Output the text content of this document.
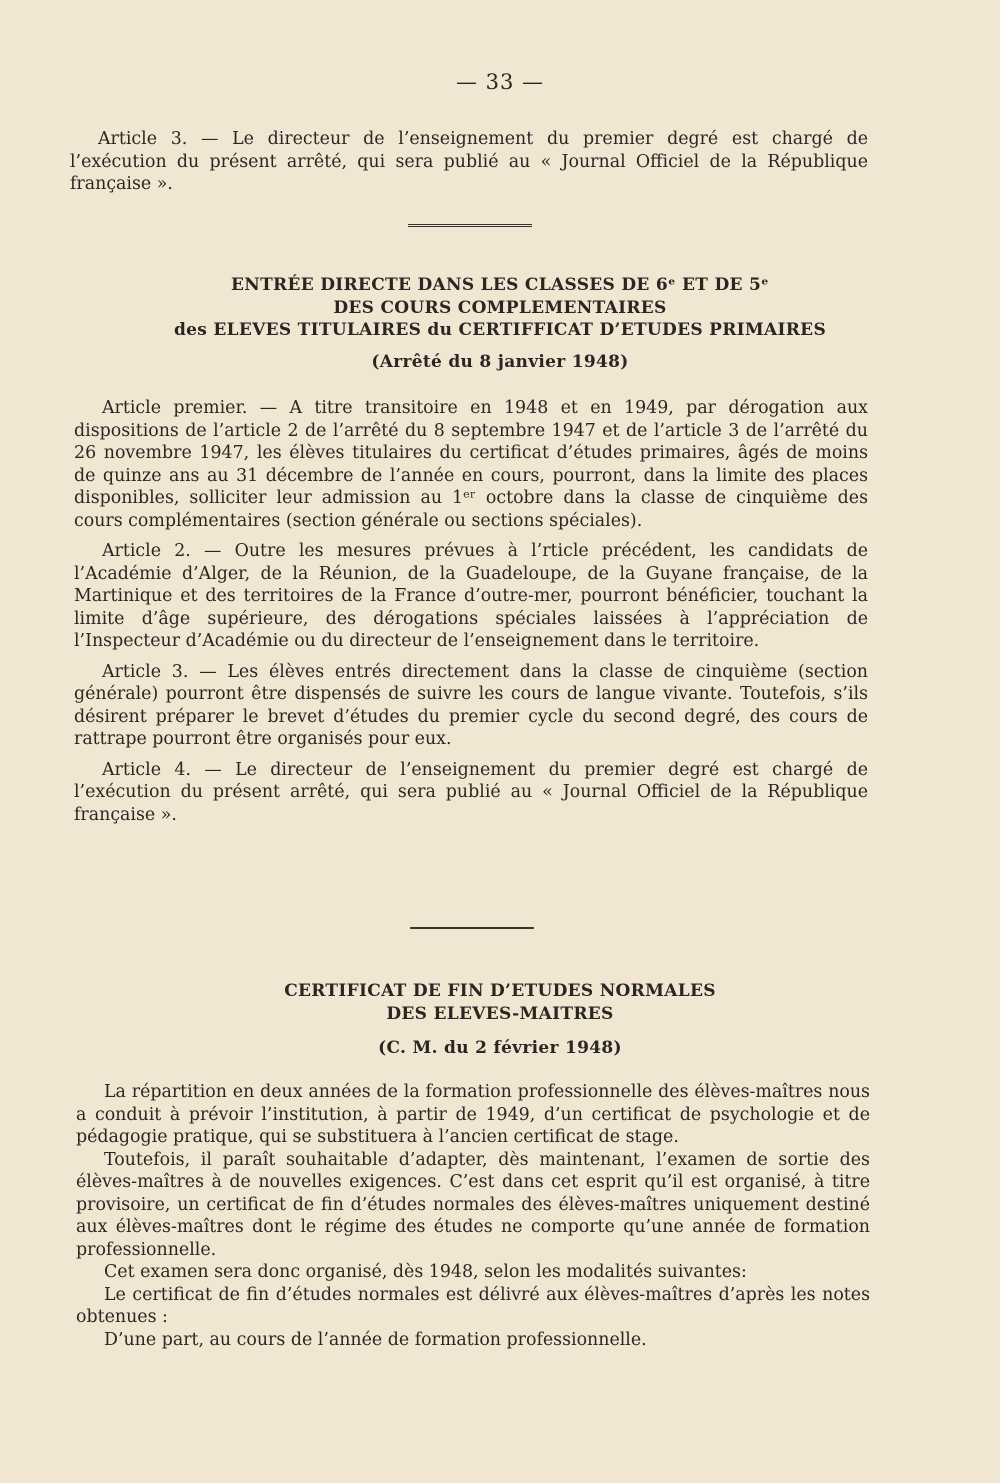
— 33 —

Article 3. — Le directeur de l’enseignement du premier degré est chargé de l’exécution du présent arrêté, qui sera publié au « Journal Officiel de la République française ».

ENTRÉE DIRECTE DANS LES CLASSES DE 6ᵉ ET DE 5ᵉ
DES COURS COMPLEMENTAIRES
des ELEVES TITULAIRES du CERTIFFICAT D’ETUDES PRIMAIRES
(Arrêté du 8 janvier 1948)

Article premier. — A titre transitoire en 1948 et en 1949, par dérogation aux dispositions de l’article 2 de l’arrêté du 8 septembre 1947 et de l’article 3 de l’arrêté du 26 novembre 1947, les élèves titulaires du certificat d’études primaires, âgés de moins de quinze ans au 31 décembre de l’année en cours, pourront, dans la limite des places disponibles, solliciter leur admission au 1ᵉʳ octobre dans la classe de cinquième des cours complémentaires (section générale ou sections spéciales).

Article 2. — Outre les mesures prévues à l’rticle précédent, les candidats de l’Académie d’Alger, de la Réunion, de la Guadeloupe, de la Guyane française, de la Martinique et des territoires de la France d’outre-mer, pourront bénéficier, touchant la limite d’âge supérieure, des dérogations spéciales laissées à l’appréciation de l’Inspecteur d’Académie ou du directeur de l’enseignement dans le territoire.

Article 3. — Les élèves entrés directement dans la classe de cinquième (section générale) pourront être dispensés de suivre les cours de langue vivante. Toutefois, s’ils désirent préparer le brevet d’études du premier cycle du second degré, des cours de rattrape pourront être organisés pour eux.

Article 4. — Le directeur de l’enseignement du premier degré est chargé de l’exécution du présent arrêté, qui sera publié au « Journal Officiel de la République française ».

CERTIFICAT DE FIN D’ETUDES NORMALES
DES ELEVES-MAITRES
(C. M. du 2 février 1948)

La répartition en deux années de la formation professionnelle des élèves-maîtres nous a conduit à prévoir l’institution, à partir de 1949, d’un certificat de psychologie et de pédagogie pratique, qui se substituera à l’ancien certificat de stage.

Toutefois, il paraît souhaitable d’adapter, dès maintenant, l’examen de sortie des élèves-maîtres à de nouvelles exigences. C’est dans cet esprit qu’il est organisé, à titre provisoire, un certificat de fin d’études normales des élèves-maîtres uniquement destiné aux élèves-maîtres dont le régime des études ne comporte qu’une année de formation professionnelle.

Cet examen sera donc organisé, dès 1948, selon les modalités suivantes:

Le certificat de fin d’études normales est délivré aux élèves-maîtres d’après les notes obtenues :

D’une part, au cours de l’année de formation professionnelle.
